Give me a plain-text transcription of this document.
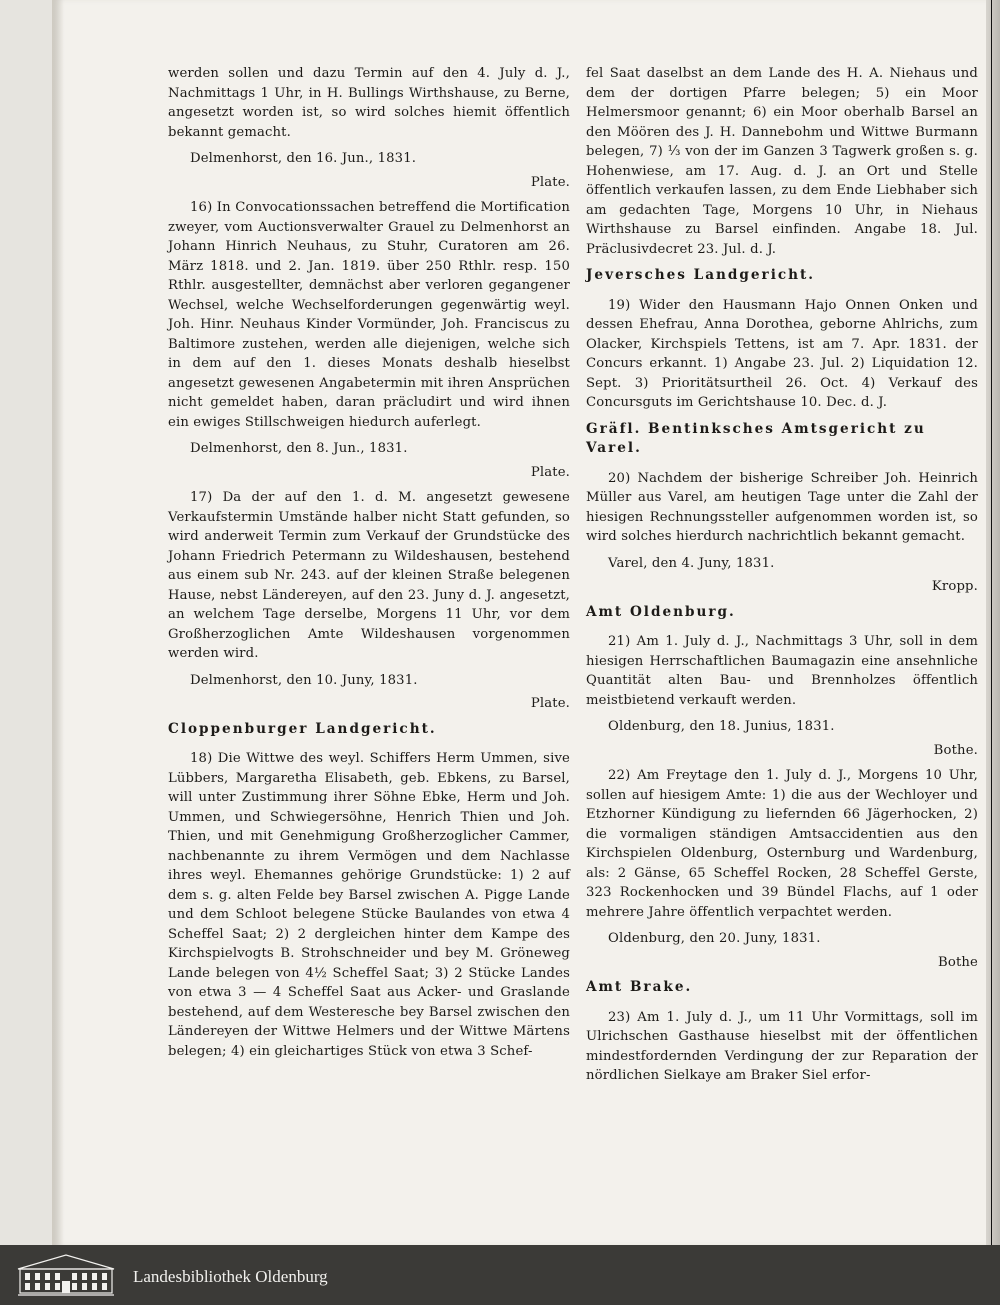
werden sollen und dazu Termin auf den 4. July d. J., Nachmittags 1 Uhr, in H. Bullings Wirthshause, zu Berne, angesetzt worden ist, so wird solches hiemit öffentlich bekannt gemacht.

Delmenhorst, den 16. Jun., 1831.

Plate.

16) In Convocationssachen betreffend die Mortification zweyer, vom Auctionsverwalter Grauel zu Delmenhorst an Johann Hinrich Neuhaus, zu Stuhr, Curatoren am 26. März 1818. und 2. Jan. 1819. über 250 Rthlr. resp. 150 Rthlr. ausgestellter, demnächst aber verloren gegangener Wechsel, welche Wechselforderungen gegenwärtig weyl. Joh. Hinr. Neuhaus Kinder Vormünder, Joh. Franciscus zu Baltimore zustehen, werden alle diejenigen, welche sich in dem auf den 1. dieses Monats deshalb hieselbst angesetzt gewesenen Angabetermin mit ihren Ansprüchen nicht gemeldet haben, daran präcludirt und wird ihnen ein ewiges Stillschweigen hiedurch auferlegt.

Delmenhorst, den 8. Jun., 1831.

Plate.

17) Da der auf den 1. d. M. angesetzt gewesene Verkaufstermin Umstände halber nicht Statt gefunden, so wird anderweit Termin zum Verkauf der Grundstücke des Johann Friedrich Petermann zu Wildeshausen, bestehend aus einem sub Nr. 243. auf der kleinen Straße belegenen Hause, nebst Ländereyen, auf den 23. Juny d. J. angesetzt, an welchem Tage derselbe, Morgens 11 Uhr, vor dem Großherzoglichen Amte Wildeshausen vorgenommen werden wird.

Delmenhorst, den 10. Juny, 1831.

Plate.

Cloppenburger Landgericht.

18) Die Wittwe des weyl. Schiffers Herm Ummen, sive Lübbers, Margaretha Elisabeth, geb. Ebkens, zu Barsel, will unter Zustimmung ihrer Söhne Ebke, Herm und Joh. Ummen, und Schwiegersöhne, Henrich Thien und Joh. Thien, und mit Genehmigung Großherzoglicher Cammer, nachbenannte zu ihrem Vermögen und dem Nachlasse ihres weyl. Ehemannes gehörige Grundstücke: 1) 2 auf dem s. g. alten Felde bey Barsel zwischen A. Pigge Lande und dem Schloot belegene Stücke Baulandes von etwa 4 Scheffel Saat; 2) 2 dergleichen hinter dem Kampe des Kirchspielvogts B. Strohschneider und bey M. Gröneweg Lande belegen von 4½ Scheffel Saat; 3) 2 Stücke Landes von etwa 3 — 4 Scheffel Saat aus Acker- und Graslande bestehend, auf dem Westeresche bey Barsel zwischen den Ländereyen der Wittwe Helmers und der Wittwe Märtens belegen; 4) ein gleichartiges Stück von etwa 3 Schef-

fel Saat daselbst an dem Lande des H. A. Niehaus und dem der dortigen Pfarre belegen; 5) ein Moor Helmersmoor genannt; 6) ein Moor oberhalb Barsel an den Möören des J. H. Dannebohm und Wittwe Burmann belegen, 7) ⅓ von der im Ganzen 3 Tagwerk großen s. g. Hohenwiese, am 17. Aug. d. J. an Ort und Stelle öffentlich verkaufen lassen, zu dem Ende Liebhaber sich am gedachten Tage, Morgens 10 Uhr, in Niehaus Wirthshause zu Barsel einfinden. Angabe 18. Jul. Präclusivdecret 23. Jul. d. J.

Jeversches Landgericht.

19) Wider den Hausmann Hajo Onnen Onken und dessen Ehefrau, Anna Dorothea, geborne Ahlrichs, zum Olacker, Kirchspiels Tettens, ist am 7. Apr. 1831. der Concurs erkannt. 1) Angabe 23. Jul. 2) Liquidation 12. Sept. 3) Prioritätsurtheil 26. Oct. 4) Verkauf des Concursguts im Gerichtshause 10. Dec. d. J.

Gräfl. Bentinksches Amtsgericht zu Varel.

20) Nachdem der bisherige Schreiber Joh. Heinrich Müller aus Varel, am heutigen Tage unter die Zahl der hiesigen Rechnungssteller aufgenommen worden ist, so wird solches hierdurch nachrichtlich bekannt gemacht.

Varel, den 4. Juny, 1831.

Kropp.

Amt Oldenburg.

21) Am 1. July d. J., Nachmittags 3 Uhr, soll in dem hiesigen Herrschaftlichen Baumagazin eine ansehnliche Quantität alten Bau- und Brennholzes öffentlich meistbietend verkauft werden.

Oldenburg, den 18. Junius, 1831.

Bothe.

22) Am Freytage den 1. July d. J., Morgens 10 Uhr, sollen auf hiesigem Amte: 1) die aus der Wechloyer und Etzhorner Kündigung zu liefernden 66 Jägerhocken, 2) die vormaligen ständigen Amtsaccidentien aus den Kirchspielen Oldenburg, Osternburg und Wardenburg, als: 2 Gänse, 65 Scheffel Rocken, 28 Scheffel Gerste, 323 Rockenhocken und 39 Bündel Flachs, auf 1 oder mehrere Jahre öffentlich verpachtet werden.

Oldenburg, den 20. Juny, 1831.

Bothe

Amt Brake.

23) Am 1. July d. J., um 11 Uhr Vormittags, soll im Ulrichschen Gasthause hieselbst mit der öffentlichen mindestfordernden Verdingung der zur Reparation der nördlichen Sielkaye am Braker Siel erfor-

Landesbibliothek Oldenburg
